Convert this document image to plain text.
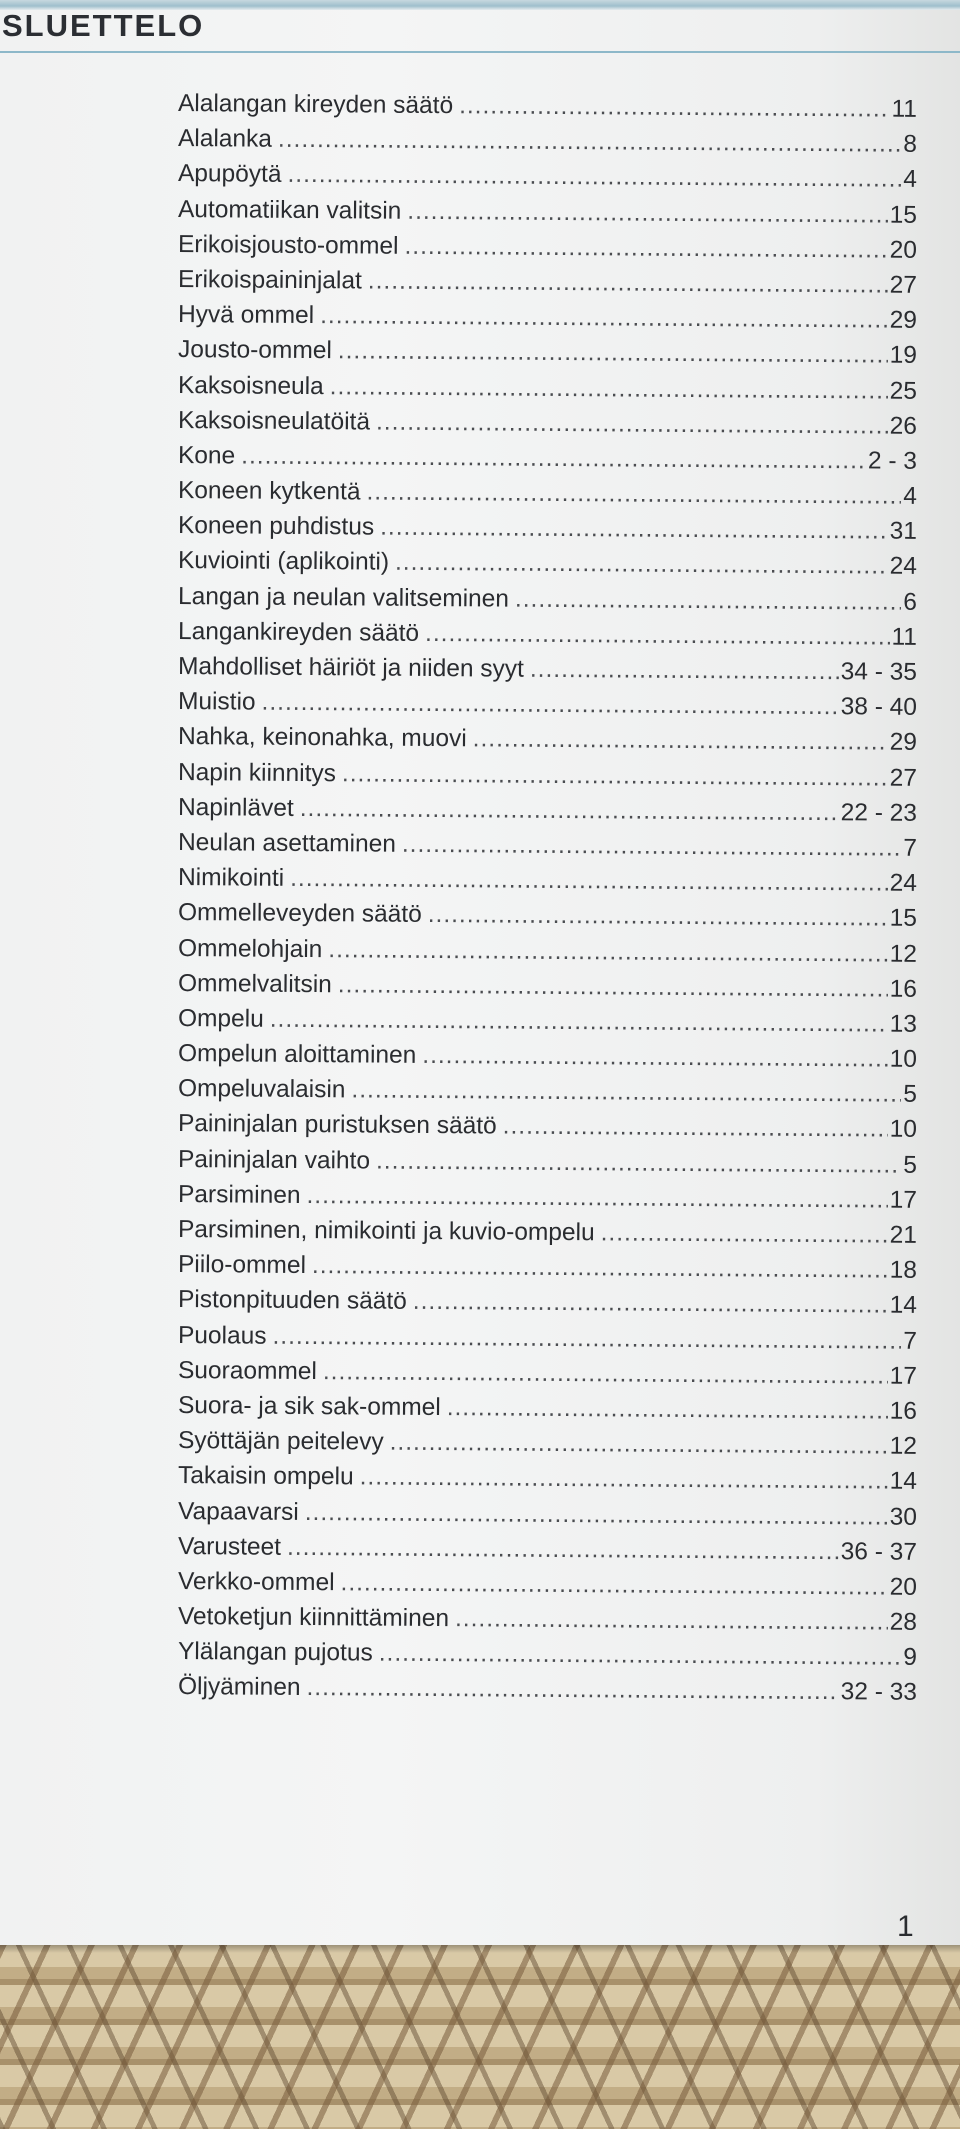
SLUETTELO
Alalangan kireyden säätö .....	11
Alalanka .....	8
Apupöytä .....	4
Automatiikan valitsin .....	15
Erikoisjousto-ommel .....	20
Erikoispaininjalat .....	27
Hyvä ommel .....	29
Jousto-ommel .....	19
Kaksoisneula .....	25
Kaksoisneulatöitä .....	26
Kone .....	2 - 3
Koneen kytkentä .....	4
Koneen puhdistus .....	31
Kuviointi (aplikointi) .....	24
Langan ja neulan valitseminen .....	6
Langankireyden säätö .....	11
Mahdolliset häiriöt ja niiden syyt .....	34 - 35
Muistio .....	38 - 40
Nahka, keinonahka, muovi .....	29
Napin kiinnitys .....	27
Napinlävet .....	22 - 23
Neulan asettaminen .....	7
Nimikointi .....	24
Ommelleveyden säätö .....	15
Ommelohjain .....	12
Ommelvalitsin .....	16
Ompelu .....	13
Ompelun aloittaminen .....	10
Ompeluvalaisin .....	5
Paininjalan puristuksen säätö .....	10
Paininjalan vaihto .....	5
Parsiminen .....	17
Parsiminen, nimikointi ja kuvio-ompelu .....	21
Piilo-ommel .....	18
Pistonpituuden säätö .....	14
Puolaus .....	7
Suoraommel .....	17
Suora- ja sik sak-ommel .....	16
Syöttäjän peitelevy .....	12
Takaisin ompelu .....	14
Vapaavarsi .....	30
Varusteet .....	36 - 37
Verkko-ommel .....	20
Vetoketjun kiinnittäminen .....	28
Ylälangan pujotus .....	9
Öljyäminen .....	32 - 33

1
